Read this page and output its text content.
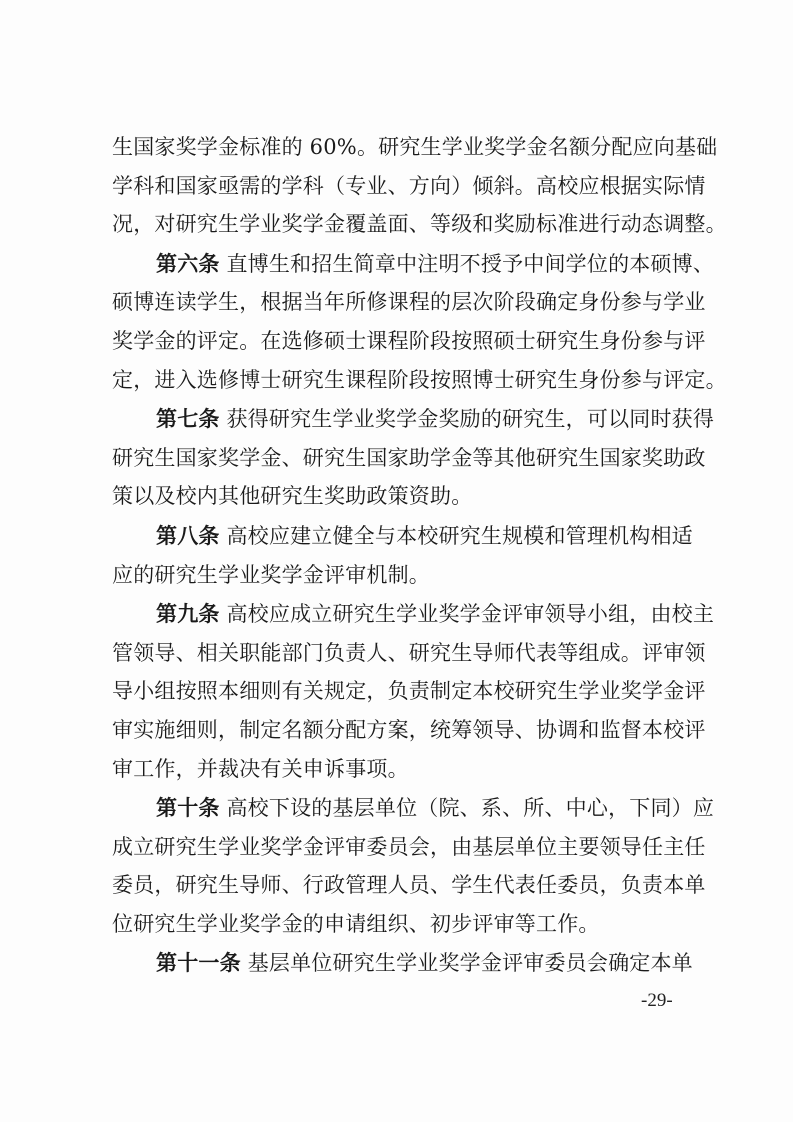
生国家奖学金标准的 60%。研究生学业奖学金名额分配应向基础
学科和国家亟需的学科（专业、方向）倾斜。高校应根据实际情
况，对研究生学业奖学金覆盖面、等级和奖励标准进行动态调整。

第六条 直博生和招生简章中注明不授予中间学位的本硕博、
硕博连读学生，根据当年所修课程的层次阶段确定身份参与学业
奖学金的评定。在选修硕士课程阶段按照硕士研究生身份参与评
定，进入选修博士研究生课程阶段按照博士研究生身份参与评定。

第七条 获得研究生学业奖学金奖励的研究生，可以同时获得
研究生国家奖学金、研究生国家助学金等其他研究生国家奖助政
策以及校内其他研究生奖助政策资助。

第八条 高校应建立健全与本校研究生规模和管理机构相适
应的研究生学业奖学金评审机制。

第九条 高校应成立研究生学业奖学金评审领导小组，由校主
管领导、相关职能部门负责人、研究生导师代表等组成。评审领
导小组按照本细则有关规定，负责制定本校研究生学业奖学金评
审实施细则，制定名额分配方案，统筹领导、协调和监督本校评
审工作，并裁决有关申诉事项。

第十条 高校下设的基层单位（院、系、所、中心，下同）应
成立研究生学业奖学金评审委员会，由基层单位主要领导任主任
委员，研究生导师、行政管理人员、学生代表任委员，负责本单
位研究生学业奖学金的申请组织、初步评审等工作。

第十一条 基层单位研究生学业奖学金评审委员会确定本单

-29-
